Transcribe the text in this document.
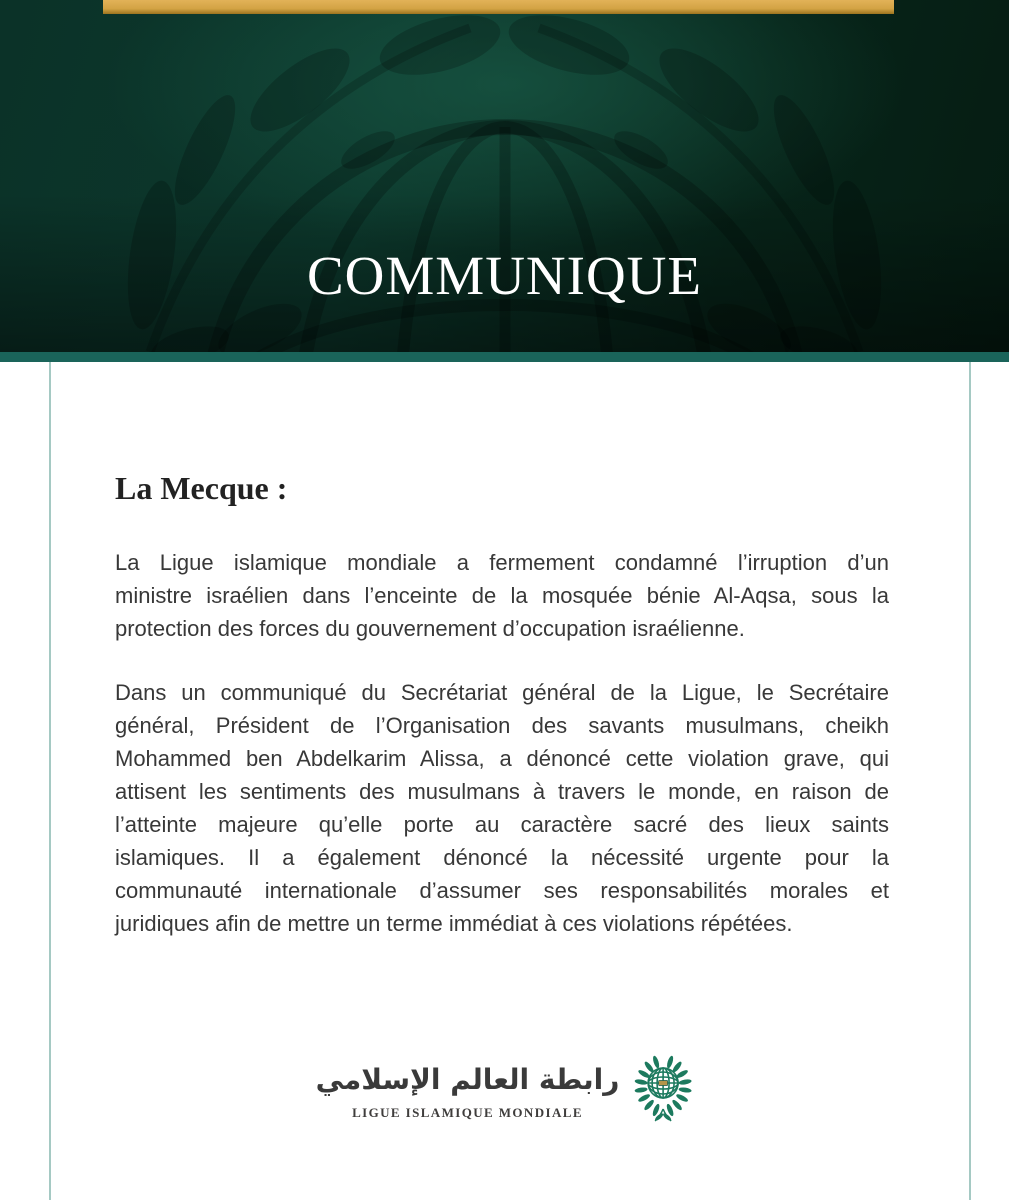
COMMUNIQUE
La Mecque :
La Ligue islamique mondiale a fermement condamné l’irruption d’un
ministre israélien dans l’enceinte de la mosquée bénie Al-Aqsa, sous la
protection des forces du gouvernement d’occupation israélienne.
Dans un communiqué du Secrétariat général de la Ligue, le Secrétaire
général, Président de l’Organisation des savants musulmans, cheikh
Mohammed ben Abdelkarim Alissa, a dénoncé cette violation grave, qui
attisent les sentiments des musulmans à travers le monde, en raison de
l’atteinte majeure qu’elle porte au caractère sacré des lieux saints
islamiques. Il a également dénoncé la nécessité urgente pour la
communauté internationale d’assumer ses responsabilités morales et
juridiques afin de mettre un terme immédiat à ces violations répétées.
رابطة العالم الإسلامي
LIGUE ISLAMIQUE MONDIALE
